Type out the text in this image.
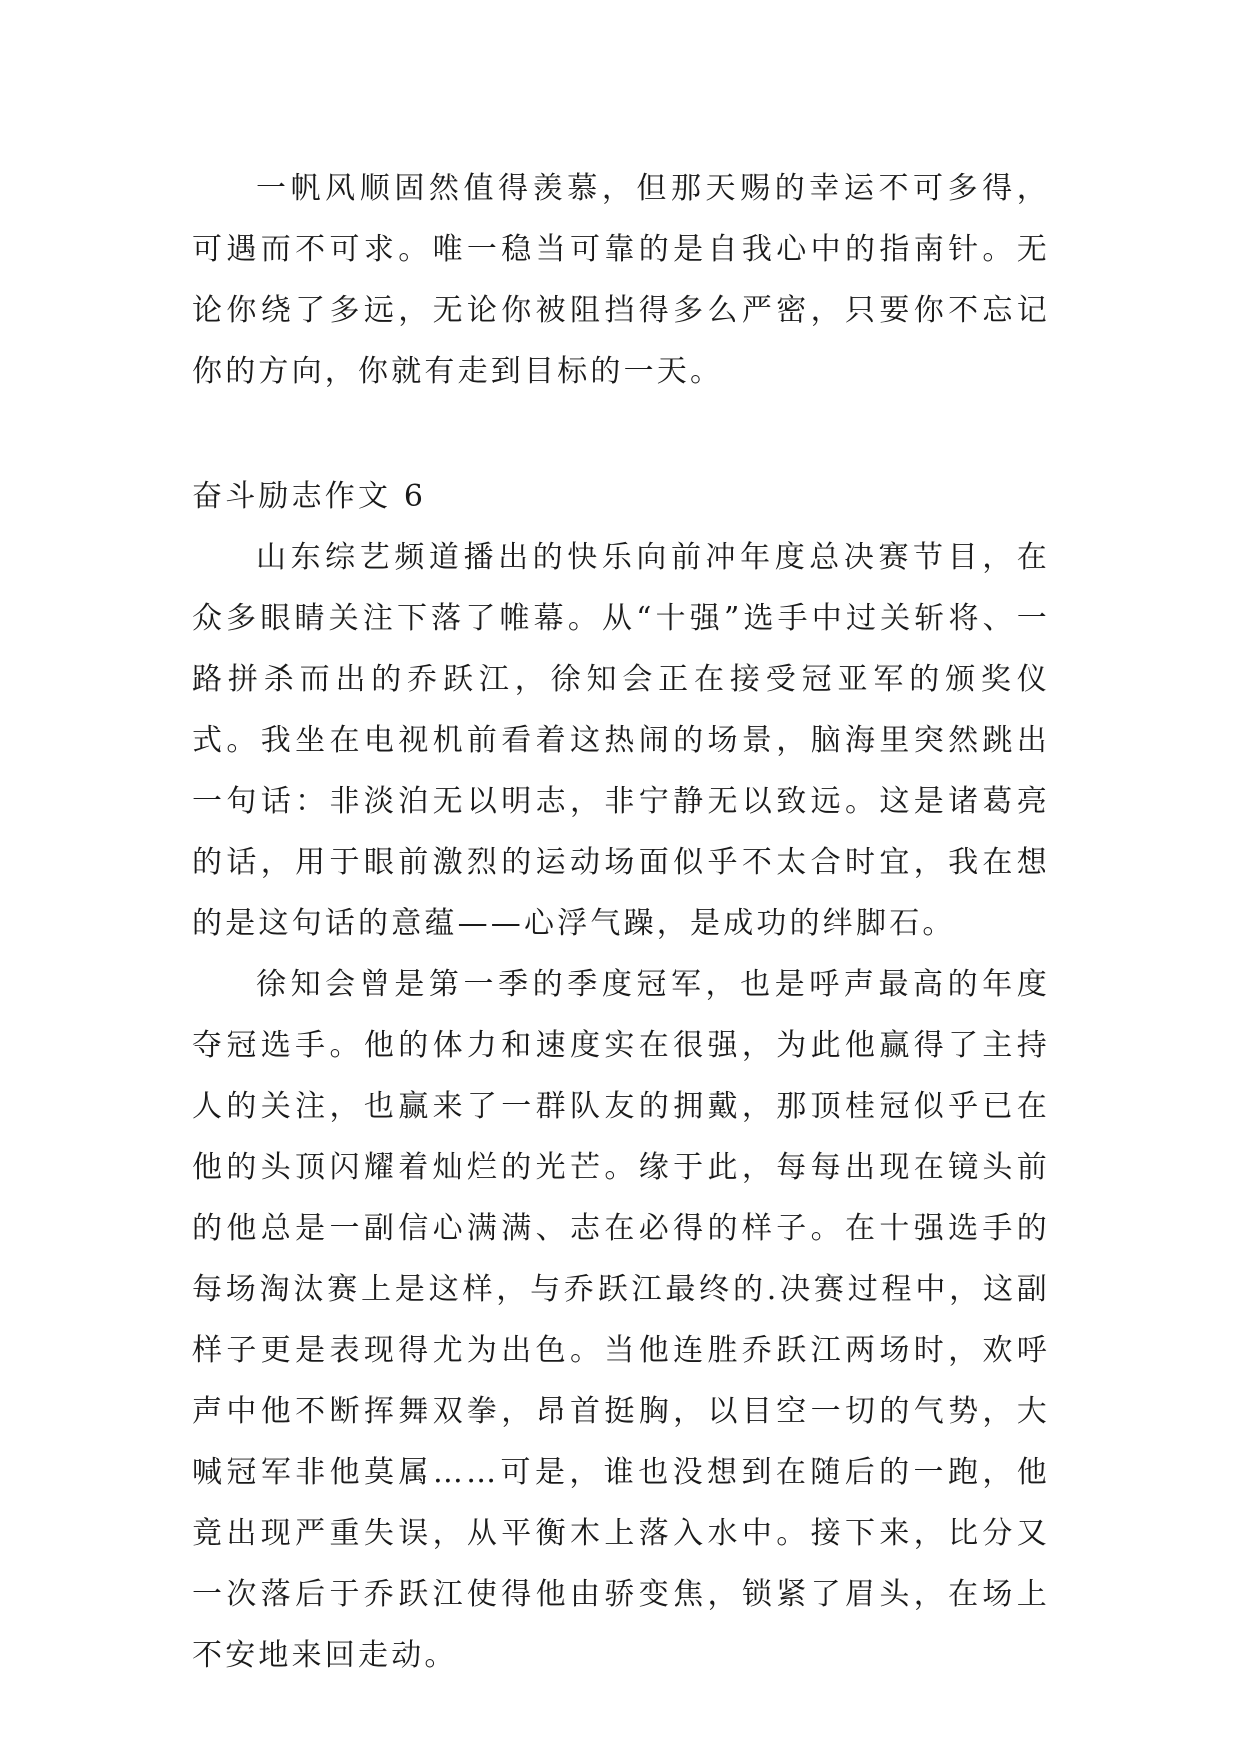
一帆风顺固然值得羡慕，但那天赐的幸运不可多得，可遇而不可求。唯一稳当可靠的是自我心中的指南针。无论你绕了多远，无论你被阻挡得多么严密，只要你不忘记你的方向，你就有走到目标的一天。

奋斗励志作文 6

山东综艺频道播出的快乐向前冲年度总决赛节目，在众多眼睛关注下落了帷幕。从“十强”选手中过关斩将、一路拼杀而出的乔跃江，徐知会正在接受冠亚军的颁奖仪式。我坐在电视机前看着这热闹的场景，脑海里突然跳出一句话：非淡泊无以明志，非宁静无以致远。这是诸葛亮的话，用于眼前激烈的运动场面似乎不太合时宜，我在想的是这句话的意蕴——心浮气躁，是成功的绊脚石。

徐知会曾是第一季的季度冠军，也是呼声最高的年度夺冠选手。他的体力和速度实在很强，为此他赢得了主持人的关注，也赢来了一群队友的拥戴，那顶桂冠似乎已在他的头顶闪耀着灿烂的光芒。缘于此，每每出现在镜头前的他总是一副信心满满、志在必得的样子。在十强选手的每场淘汰赛上是这样，与乔跃江最终的.决赛过程中，这副样子更是表现得尤为出色。当他连胜乔跃江两场时，欢呼声中他不断挥舞双拳，昂首挺胸，以目空一切的气势，大喊冠军非他莫属……可是，谁也没想到在随后的一跑，他竟出现严重失误，从平衡木上落入水中。接下来，比分又一次落后于乔跃江使得他由骄变焦，锁紧了眉头，在场上不安地来回走动。
